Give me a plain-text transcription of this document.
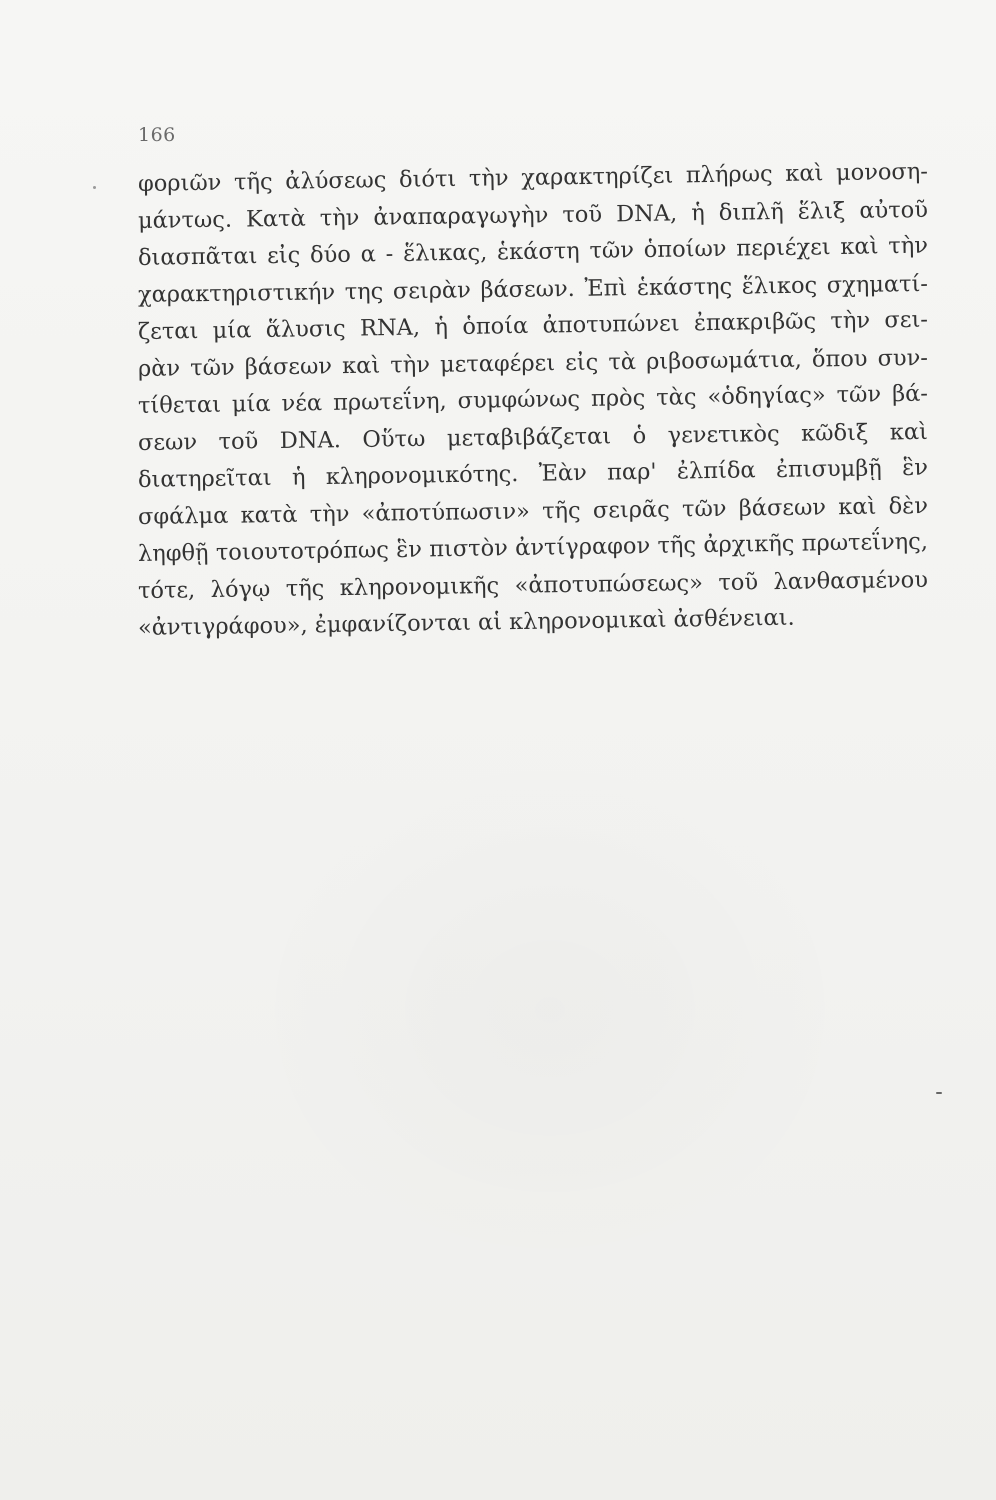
166
φοριῶν τῆς ἀλύσεως διότι τὴν χαρακτηρίζει πλήρως καὶ μονοση-
μάντως. Κατὰ τὴν ἀναπαραγωγὴν τοῦ DNA, ἡ διπλῆ ἕλιξ αὐτοῦ
διασπᾶται εἰς δύο α - ἕλικας, ἑκάστη τῶν ὁποίων περιέχει καὶ τὴν
χαρακτηριστικήν της σειρὰν βάσεων. Ἐπὶ ἑκάστης ἕλικος σχηματί-
ζεται μία ἅλυσις RNA, ἡ ὁποία ἀποτυπώνει ἐπακριβῶς τὴν σει-
ρὰν τῶν βάσεων καὶ τὴν μεταφέρει εἰς τὰ ριβοσωμάτια, ὅπου συν-
τίθεται μία νέα πρωτεΐνη, συμφώνως πρὸς τὰς «ὁδηγίας» τῶν βά-
σεων τοῦ DNA. Οὕτω μεταβιβάζεται ὁ γενετικὸς κῶδιξ καὶ
διατηρεῖται ἡ κληρονομικότης. Ἐὰν παρ' ἐλπίδα ἐπισυμβῇ ἓν
σφάλμα κατὰ τὴν «ἀποτύπωσιν» τῆς σειρᾶς τῶν βάσεων καὶ δὲν
ληφθῇ τοιουτοτρόπως ἓν πιστὸν ἀντίγραφον τῆς ἀρχικῆς πρωτεΐνης,
τότε, λόγῳ τῆς κληρονομικῆς «ἀποτυπώσεως» τοῦ λανθασμένου
«ἀντιγράφου», ἐμφανίζονται αἱ κληρονομικαὶ ἀσθένειαι.
